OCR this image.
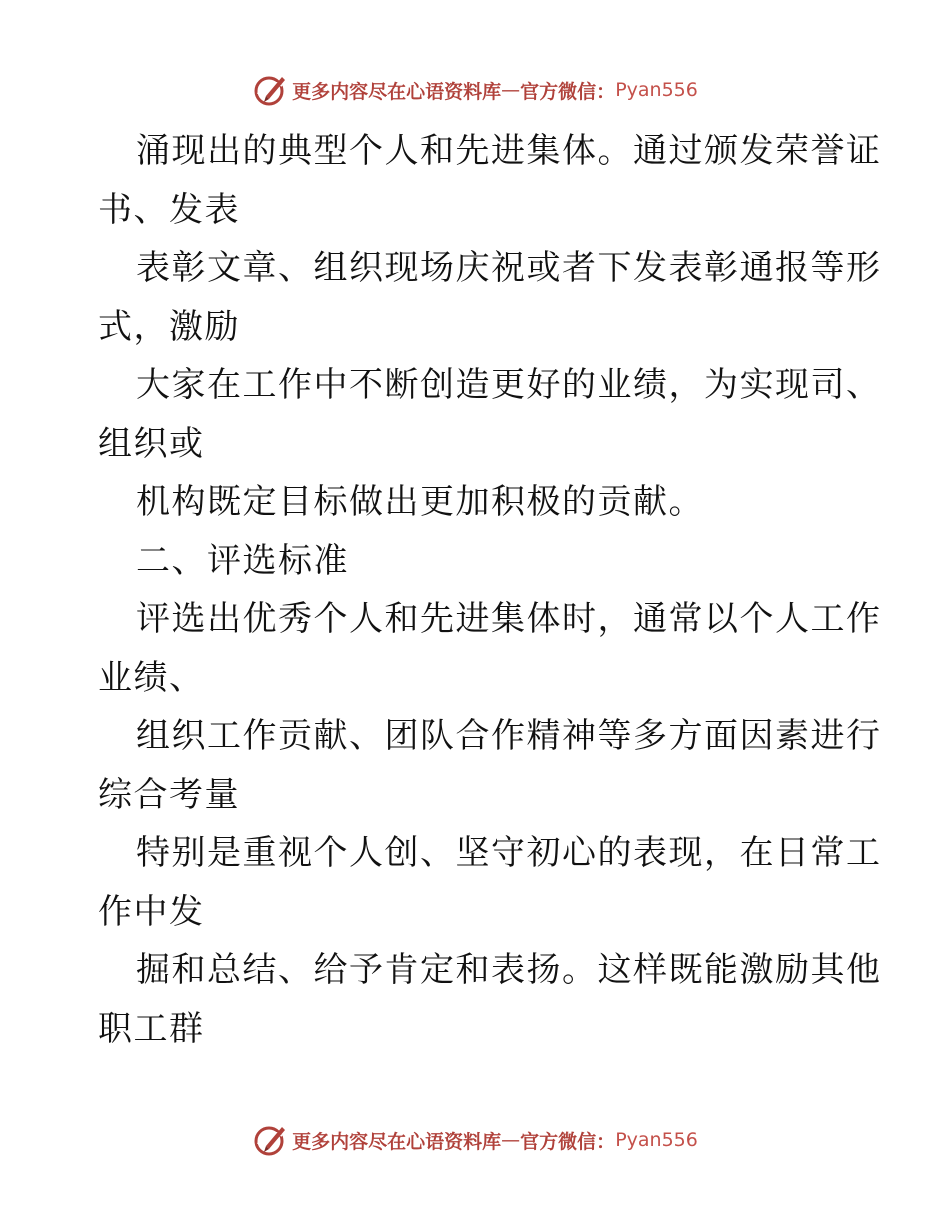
更多内容尽在心语资料库 — 官方微信： Pyan556
涌现出的典型个人和先进集体。通过颁发荣誉证
书、发表
表彰文章、组织现场庆祝或者下发表彰通报等形
式，激励
大家在工作中不断创造更好的业绩，为实现司、
组织或
机构既定目标做出更加积极的贡献。
二、评选标准
评选出优秀个人和先进集体时，通常以个人工作
业绩、
组织工作贡献、团队合作精神等多方面因素进行
综合考量
特别是重视个人创、坚守初心的表现，在日常工
作中发
掘和总结、给予肯定和表扬。这样既能激励其他
职工群
更多内容尽在心语资料库 — 官方微信： Pyan556
